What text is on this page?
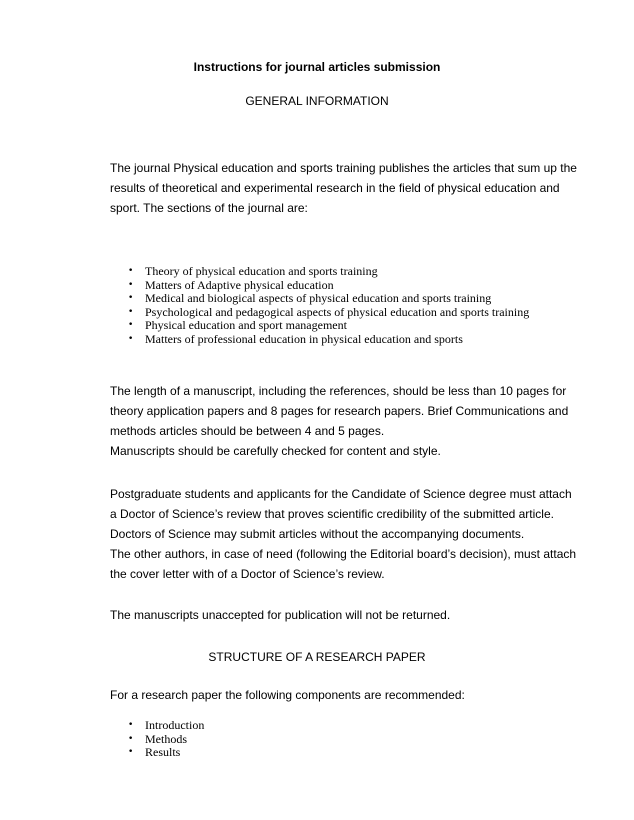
Instructions for journal articles submission
GENERAL INFORMATION

The journal Physical education and sports training publishes the articles that sum up the
results of theoretical and experimental research in the field of physical education and
sport. The sections of the journal are:

• Theory of physical education and sports training
• Matters of Adaptive physical education
• Medical and biological aspects of physical education and sports training
• Psychological and pedagogical aspects of physical education and sports training
• Physical education and sport management
• Matters of professional education in physical education and sports

The length of a manuscript, including the references, should be less than 10 pages for
theory application papers and 8 pages for research papers. Brief Communications and
methods articles should be between 4 and 5 pages.
Manuscripts should be carefully checked for content and style.

Postgraduate students and applicants for the Candidate of Science degree must attach
a Doctor of Science’s review that proves scientific credibility of the submitted article.
Doctors of Science may submit articles without the accompanying documents.
The other authors, in case of need (following the Editorial board’s decision), must attach
the cover letter with of a Doctor of Science’s review.

The manuscripts unaccepted for publication will not be returned.

STRUCTURE OF A RESEARCH PAPER

For a research paper the following components are recommended:

• Introduction
• Methods
• Results
